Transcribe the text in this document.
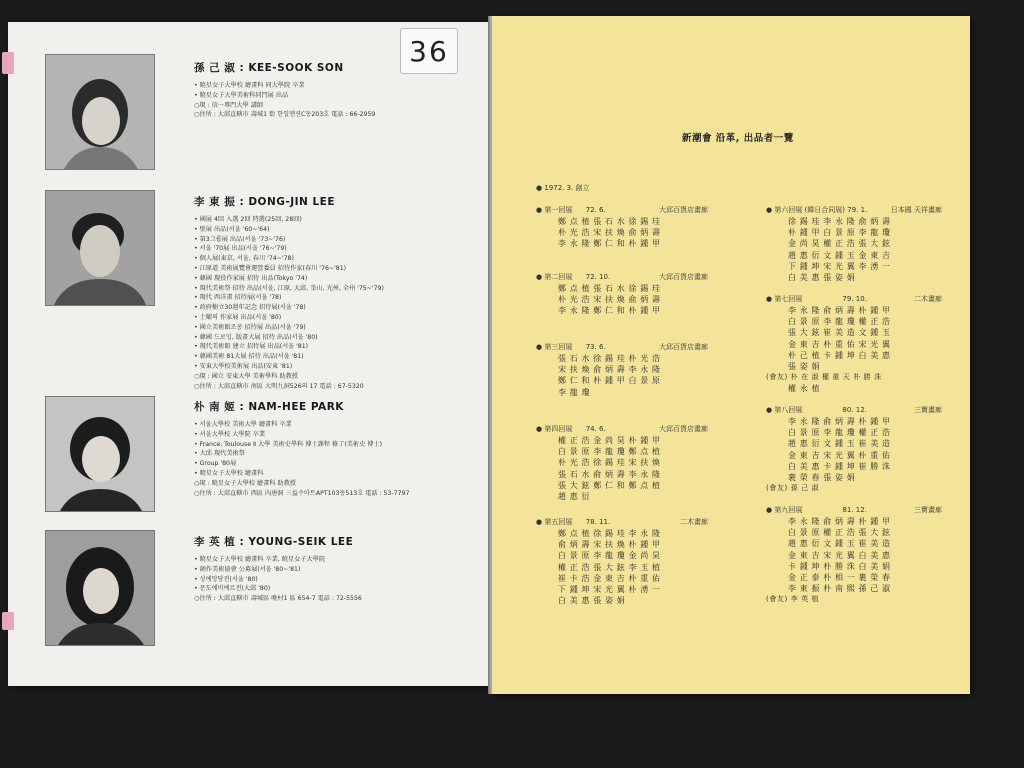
36
孫 己 淑 : KEE-SOOK SON
• 暁星女子大學校 繪畫科 同大學院 卒業
• 暁星女子大學美術科同門展 出品
○現 : 信一專門大學 講師
○住所 : 大邱直轄市 壽城1 街 한일맨션C동203호 電話 : 66-2959
李 東 振 : DONG-JIN LEE
• 國展 4回 入選 2回 特選(25回, 28回)
• 壁展 出品(서울 '60~'64)
• 第3그룹展 出品(서울 '73~'76)
• 서울 '70展 出品(서울 '76~'79)
• 個人展(東京, 서울, 春川 '74~'78)
• 江原道 美術展覽會運營委員 招待作家(春川 '76~'81)
• 韓國 現役作家展 招待 出品(Tokyo '74)
• 現代美術祭 招待 出品(서울, 江原, 大邱, 釜山, 光州, 全州 '75~'79)
• 現代 西洋畫 招待展(서울 '78)
• 政府樹立30週年記念 招待展(서울 '78)
• 土曜의 作家展 出品(서울 '80)
• 國立美術館조콩 招待展 出品(서울 '79)
• 韓國 드로잉, 版畫大展 招待 出品(서울 '80)
• 現代美術館 建立 招待展 出品(서울 '81)
• 韓國美術 81大展 招待 出品(서울 '81)
• 安東大學校美術展 出品(安東 '81)
○現 : 國立 安東大學 美術學科 助教授
○住所 : 大邱直轄市 南區 大明九洞526의 17 電話 : 67-5320
朴 南 姬 : NAM-HEE PARK
• 서울大學校 美術大學 繪畫科 卒業
• 서울大學校 大學院 卒業
• France, Toulouse Ⅱ 大學 美術史學科 博士課程 修了(美術史 博士)
• 大邱 現代美術祭
• Group '80展
• 暁星女子大學校 繪畫科
○現 : 暁星女子大學校 繪畫科 助教授
○住所 : 大邱直轄市 西區 內唐洞 三益수마트APT103동513호 電話 : 53-7797
李 英 植 : YOUNG-SEIK LEE
• 暁星女子大學校 繪畫科 卒業, 暁星女子大學院
• 創作美術協會 公募展(서울 '80~'81)
• 상에망당전(서울 '80)
• 문도에비에르전(大邱 '80)
○住所 : 大邱直轄市 壽城區 晩村1 區 654-7 電話 : 72-5556
新潮會 沿革, 出品者一覽
● 1972. 3. 創立
● 第一回展 72. 6.	大邱百貨店畫廊
鄭 点 植 張 石 水 徐 錫 珪
朴 光 浩 宋 扶 煥 俞 炳 壽
李 永 隆 鄭 仁 和 朴 鍾 甲
● 第二回展 72. 10.	大邱百貨店畫廊
鄭 点 植 張 石 水 徐 錫 珪
朴 光 浩 宋 扶 煥 俞 炳 壽
李 永 隆 鄭 仁 和 朴 鍾 甲
● 第三回展 73. 6.	大邱百貨店畫廊
張 石 水 徐 錫 珪 朴 光 浩
宋 扶 煥 俞 炳 壽 李 永 隆
鄭 仁 和 朴 鍾 甲 白 景 原
李 龍 瓊
● 第四回展 74. 6.	大邱百貨店畫廊
權 正 浩 金 尚 昊 朴 鍾 甲
白 景 原 李 龍 瓊 鄭 点 植
朴 光 浩 徐 錫 珪 宋 扶 煥
張 石 水 俞 炳 壽 李 永 隆
張 大 鉉 鄭 仁 和 鄭 点 植
趙 惠 衍
● 第五回展 78. 11.	二木畫廊
鄭 点 植 徐 錫 珪 李 永 隆
俞 炳 壽 宋 扶 煥 朴 鍾 甲
白 景 原 李 龍 瓊 金 尚 昊
權 正 浩 張 大 鉉 李 玉 植
崔 卡 浩 金 東 吉 朴 重 佑
下 鍾 坤 宋 光 翼 朴 湧 一
白 美 惠 張 姿 娟
● 第六回展 (韓日合同展) 79. 1.	日本國 天祥畫廊
徐 錫 珪 李 永 隆 俞 炳 壽
朴 鍾 甲 白 景 原 李 龍 瓊
金 尚 昊 權 正 浩 張 大 鉉
趙 惠 衍 文 鍾 玉 金 東 吉
下 鍾 坤 宋 光 翼 李 湧 一
白 美 惠 張 姿 娟
● 第七回展	79. 10.	二木畫廊
李 永 隆 俞 炳 壽 朴 鍾 甲
白 景 原 李 龍 瓊 權 正 浩
張 大 鉉 崔 美 造 文 鍾 玉
金 東 吉 朴 重 佑 宋 光 翼
朴 己 植 卡 鍾 坤 白 美 惠
張 姿 娟
(會友) 朴 在 淑 權 重 天 朴 勝 洙
權 永 植
● 第八回展	80. 12.	三寶畫廊
李 永 隆 俞 炳 壽 朴 鍾 甲
白 景 原 李 龍 瓊 權 正 浩
趙 惠 衍 文 鍾 玉 崔 美 造
金 東 吉 宋 光 翼 朴 重 佑
白 美 惠 卡 鍾 坤 崔 勝 洙
裹 榮 春 張 姿 娟
(會友) 孫 己 淑
● 第九回展	81. 12.	三寶畫廊
李 永 隆 俞 炳 壽 朴 鍾 甲
白 景 原 權 正 浩 張 大 鉉
趙 惠 衍 文 鍾 玉 崔 美 造
金 東 吉 宋 光 翼 白 美 惠
卡 鍾 坤 朴 勝 洙 白 美 娟
金 正 泰 朴 相 一 裹 榮 春
李 東 振 朴 南 熙 孫 己 淑
(會友) 李 英 植
